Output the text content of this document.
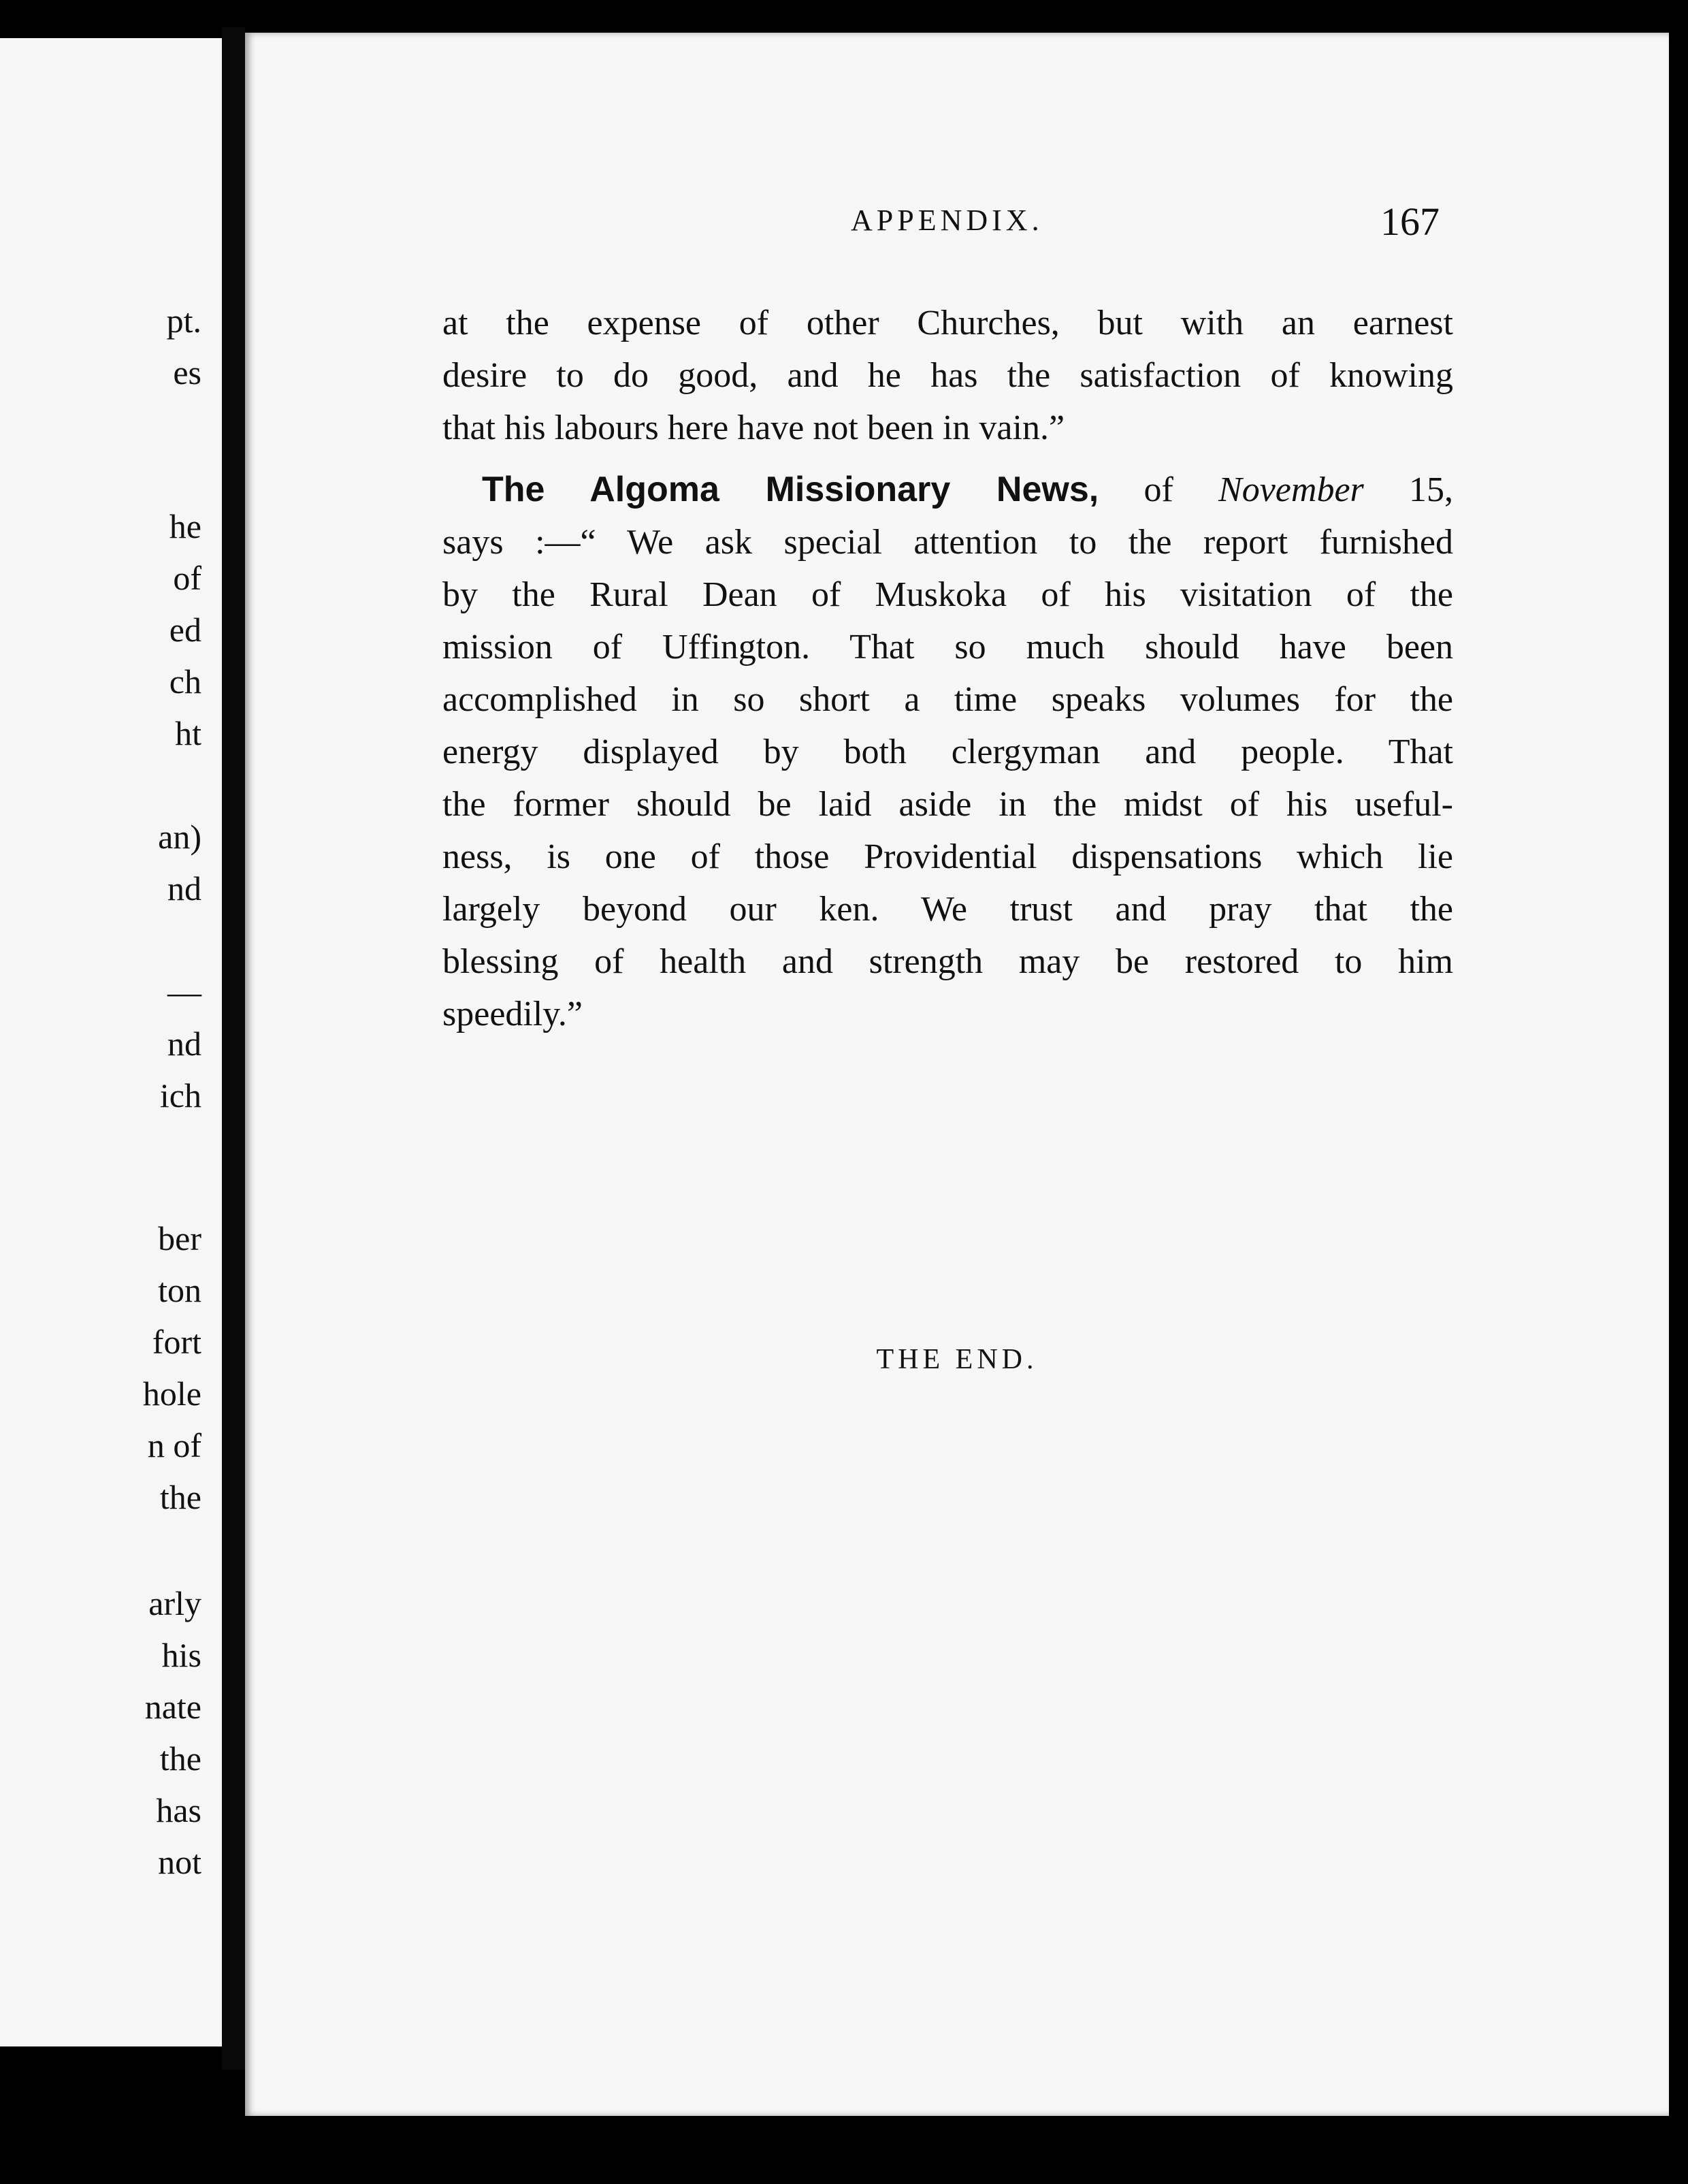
pt.
es
he
of
ed
ch
ht
an)
nd
—
nd
ich
ber
ton
fort
hole
n of
the
arly
his
nate
the
has
not
APPENDIX.	167
at the expense of other Churches, but with an earnest
desire to do good, and he has the satisfaction of knowing
that his labours here have not been in vain.”
The Algoma Missionary News, of November 15,
says :—“ We ask special attention to the report furnished
by the Rural Dean of Muskoka of his visitation of the
mission of Uffington. That so much should have been
accomplished in so short a time speaks volumes for the
energy displayed by both clergyman and people. That
the former should be laid aside in the midst of his useful-
ness, is one of those Providential dispensations which lie
largely beyond our ken. We trust and pray that the
blessing of health and strength may be restored to him
speedily.”
THE END.
